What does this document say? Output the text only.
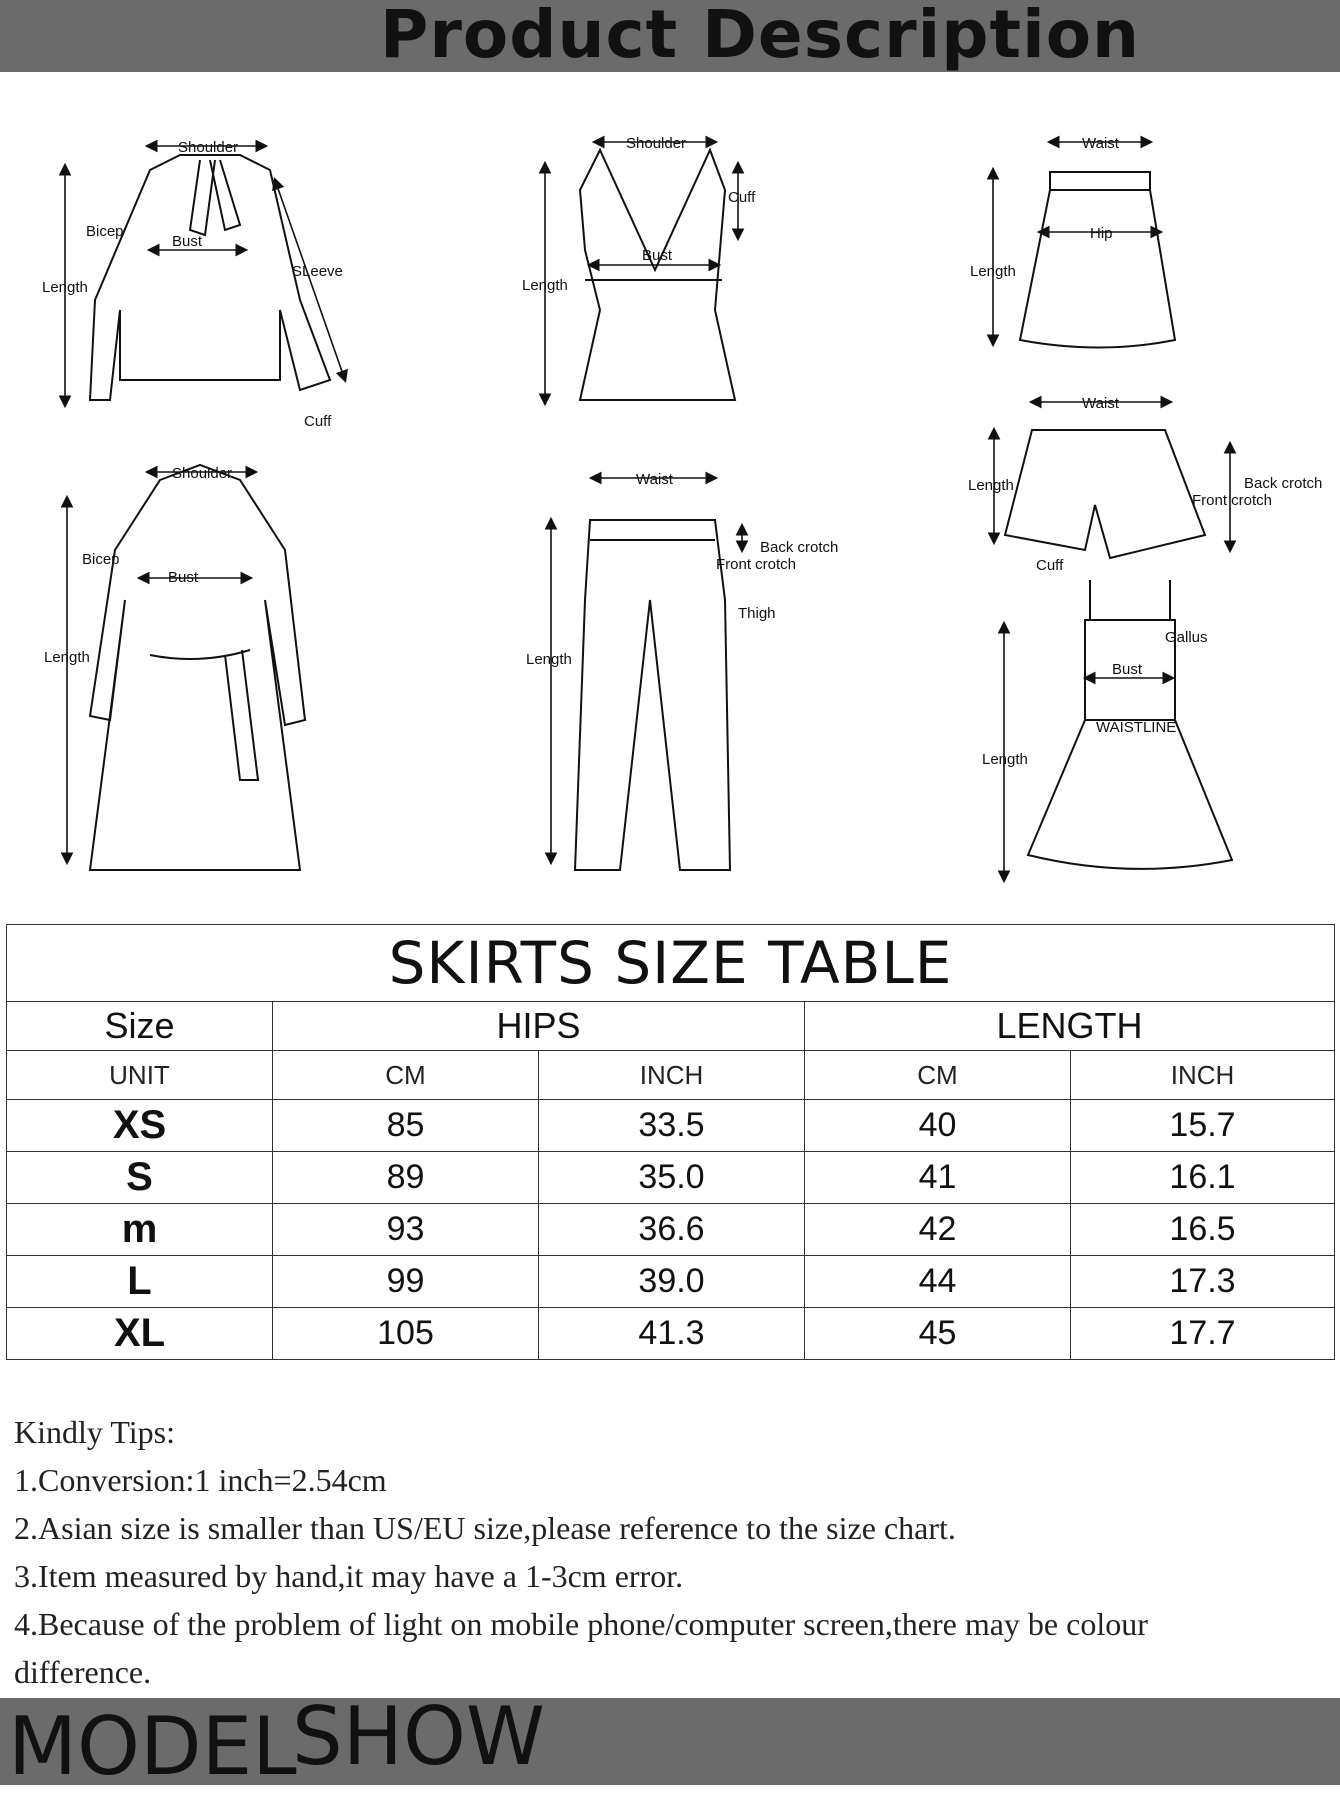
Product Description
Shoulder
Length
Bicep
Bust
SLeeve
Cuff
Shoulder
Cuff
Bust
Length
Waist
Hip
Length
Shoulder
Bicep
Bust
Length
Waist
Back crotch
Front crotch
Thigh
Length
Waist
Length	Back crotch
Front crotch
Cuff
Gallus
Bust
WAISTLINE
Length
SKIRTS SIZE TABLE				
Size	HIPS		LENGTH	
UNIT	CM	INCH	CM	INCH
XS	85	33.5	40	15.7
S	89	35.0	41	16.1
m	93	36.6	42	16.5
L	99	39.0	44	17.3
XL	105	41.3	45	17.7
Kindly Tips:
1.Conversion:1 inch=2.54cm
2.Asian size is smaller than US/EU size,please reference to the size chart.
3.Item measured by hand,it may have a 1-3cm error.
4.Because of the problem of light on mobile phone/computer screen,there may be colour
difference.
MODEL
SHOW
